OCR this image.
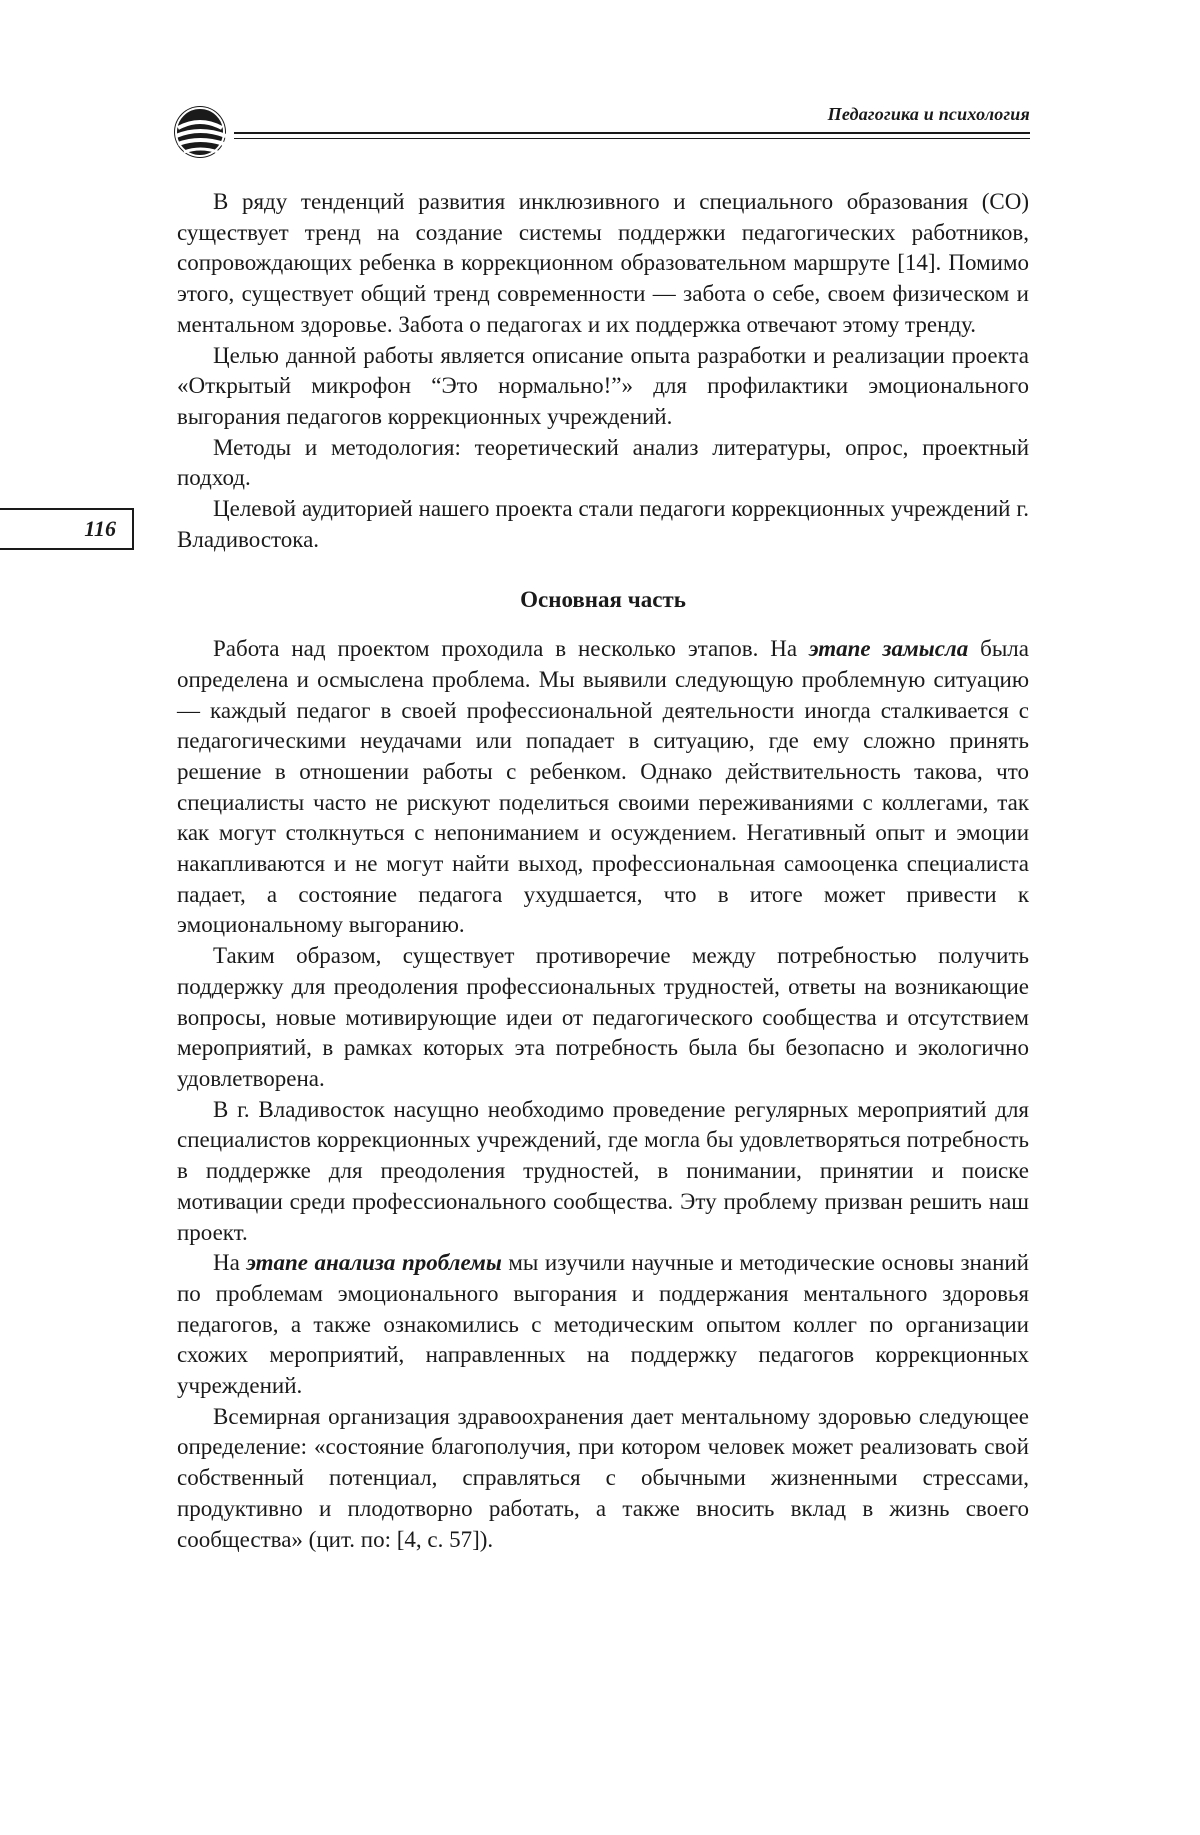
Педагогика и психология
116

В ряду тенденций развития инклюзивного и специального образования (СО) существует тренд на создание системы поддержки педагогических работников, сопровождающих ребенка в коррекционном образовательном маршруте [14]. Помимо этого, существует общий тренд современности — забота о себе, своем физическом и ментальном здоровье. Забота о педагогах и их поддержка отвечают этому тренду.

Целью данной работы является описание опыта разработки и реализации проекта «Открытый микрофон “Это нормально!”» для профилактики эмоционального выгорания педагогов коррекционных учреждений.

Методы и методология: теоретический анализ литературы, опрос, проектный подход.

Целевой аудиторией нашего проекта стали педагоги коррекционных учреждений г. Владивостока.

Основная часть

Работа над проектом проходила в несколько этапов. На этапе замысла была определена и осмыслена проблема. Мы выявили следующую проблемную ситуацию — каждый педагог в своей профессиональной деятельности иногда сталкивается с педагогическими неудачами или попадает в ситуацию, где ему сложно принять решение в отношении работы с ребенком. Однако действительность такова, что специалисты часто не рискуют поделиться своими переживаниями с коллегами, так как могут столкнуться с непониманием и осуждением. Негативный опыт и эмоции накапливаются и не могут найти выход, профессиональная самооценка специалиста падает, а состояние педагога ухудшается, что в итоге может привести к эмоциональному выгоранию.

Таким образом, существует противоречие между потребностью получить поддержку для преодоления профессиональных трудностей, ответы на возникающие вопросы, новые мотивирующие идеи от педагогического сообщества и отсутствием мероприятий, в рамках которых эта потребность была бы безопасно и экологично удовлетворена.

В г. Владивосток насущно необходимо проведение регулярных мероприятий для специалистов коррекционных учреждений, где могла бы удовлетворяться потребность в поддержке для преодоления трудностей, в понимании, принятии и поиске мотивации среди профессионального сообщества. Эту проблему призван решить наш проект.

На этапе анализа проблемы мы изучили научные и методические основы знаний по проблемам эмоционального выгорания и поддержания ментального здоровья педагогов, а также ознакомились с методическим опытом коллег по организации схожих мероприятий, направленных на поддержку педагогов коррекционных учреждений.

Всемирная организация здравоохранения дает ментальному здоровью следующее определение: «состояние благополучия, при котором человек может реализовать свой собственный потенциал, справляться с обычными жизненными стрессами, продуктивно и плодотворно работать, а также вносить вклад в жизнь своего сообщества» (цит. по: [4, с. 57]).
